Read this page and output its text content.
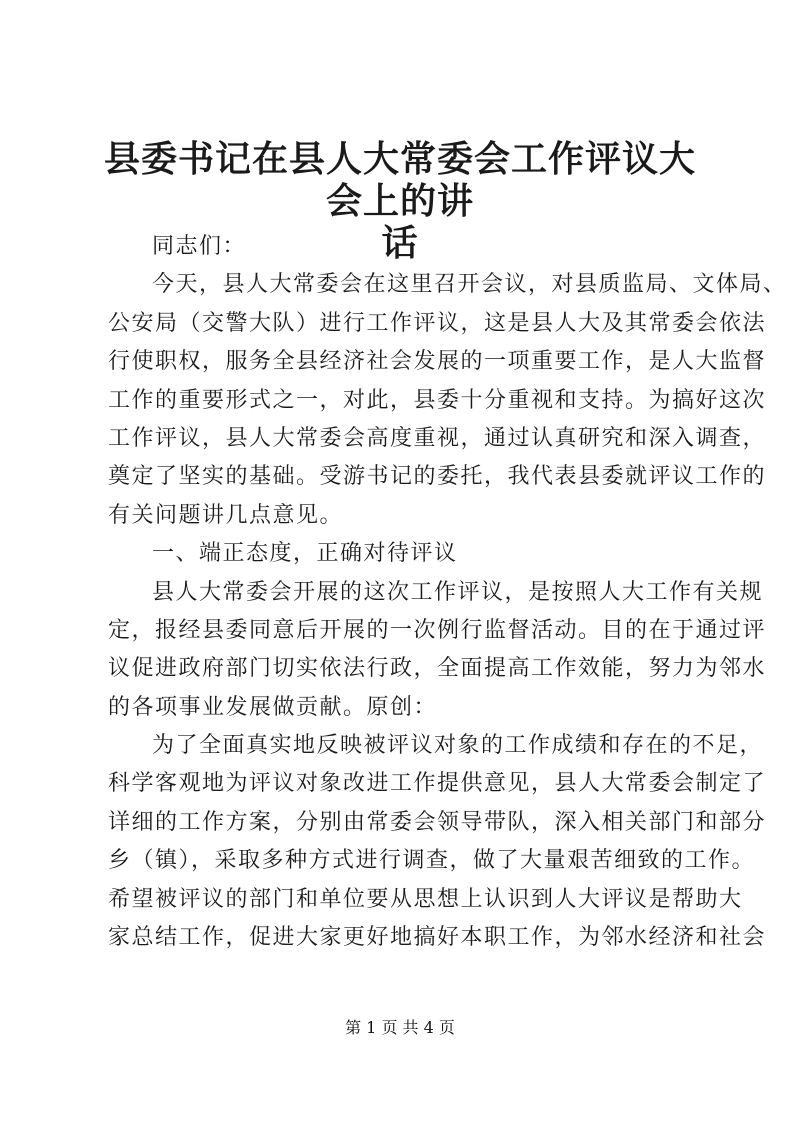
县委书记在县人大常委会工作评议大会上的讲
话
同志们：
今天，县人大常委会在这里召开会议，对县质监局、文体局、
公安局（交警大队）进行工作评议，这是县人大及其常委会依法
行使职权，服务全县经济社会发展的一项重要工作，是人大监督
工作的重要形式之一，对此，县委十分重视和支持。为搞好这次
工作评议，县人大常委会高度重视，通过认真研究和深入调查，
奠定了坚实的基础。受游书记的委托，我代表县委就评议工作的
有关问题讲几点意见。
一、端正态度，正确对待评议
县人大常委会开展的这次工作评议，是按照人大工作有关规
定，报经县委同意后开展的一次例行监督活动。目的在于通过评
议促进政府部门切实依法行政，全面提高工作效能，努力为邻水
的各项事业发展做贡献。原创：
为了全面真实地反映被评议对象的工作成绩和存在的不足，
科学客观地为评议对象改进工作提供意见，县人大常委会制定了
详细的工作方案，分别由常委会领导带队，深入相关部门和部分
乡（镇），采取多种方式进行调查，做了大量艰苦细致的工作。
希望被评议的部门和单位要从思想上认识到人大评议是帮助大
家总结工作，促进大家更好地搞好本职工作，为邻水经济和社会
第 1 页 共 4 页
